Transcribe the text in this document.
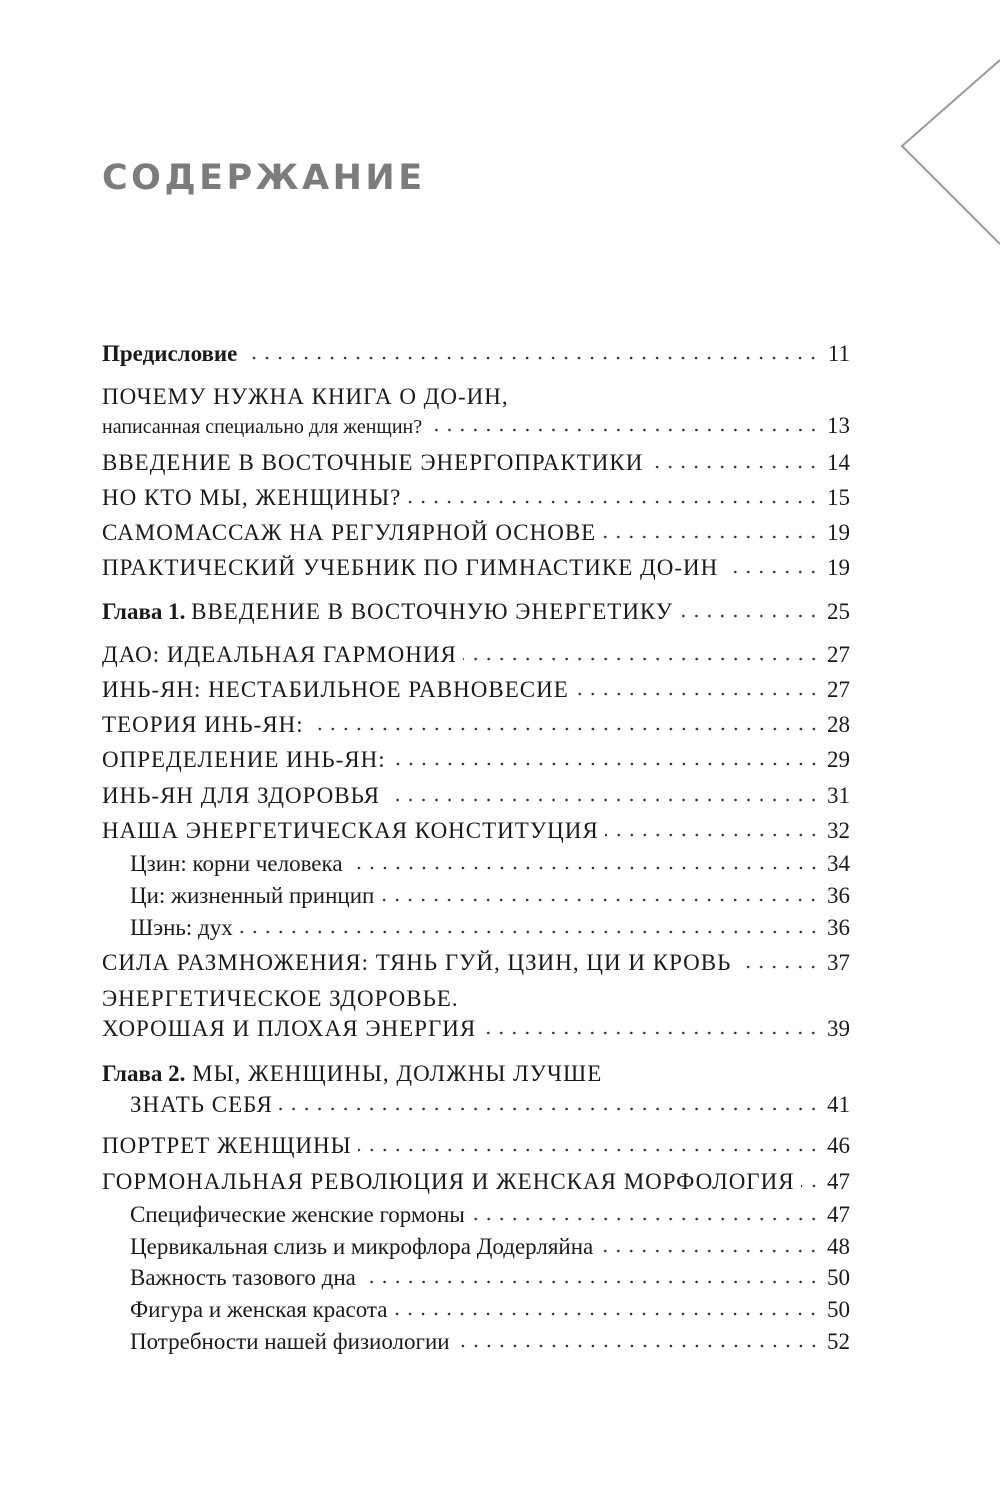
СОДЕРЖАНИЕ
Предисловие	11
ПОЧЕМУ НУЖНА КНИГА О ДО-ИН,
написанная специально для женщин?	13
ВВЕДЕНИЕ В ВОСТОЧНЫЕ ЭНЕРГОПРАКТИКИ	14
НО КТО МЫ, ЖЕНЩИНЫ?	15
САМОМАССАЖ НА РЕГУЛЯРНОЙ ОСНОВЕ	19
ПРАКТИЧЕСКИЙ УЧЕБНИК ПО ГИМНАСТИКЕ ДО-ИН	19
Глава 1. ВВЕДЕНИЕ В ВОСТОЧНУЮ ЭНЕРГЕТИКУ	25
ДАО: ИДЕАЛЬНАЯ ГАРМОНИЯ	27
ИНЬ-ЯН: НЕСТАБИЛЬНОЕ РАВНОВЕСИЕ	27
ТЕОРИЯ ИНЬ-ЯН:	28
ОПРЕДЕЛЕНИЕ ИНЬ-ЯН:	29
ИНЬ-ЯН ДЛЯ ЗДОРОВЬЯ	31
НАША ЭНЕРГЕТИЧЕСКАЯ КОНСТИТУЦИЯ	32
Цзин: корни человека	34
Ци: жизненный принцип	36
Шэнь: дух	36
СИЛА РАЗМНОЖЕНИЯ: ТЯНЬ ГУЙ, ЦЗИН, ЦИ И КРОВЬ	37
ЭНЕРГЕТИЧЕСКОЕ ЗДОРОВЬЕ.
ХОРОШАЯ И ПЛОХАЯ ЭНЕРГИЯ	39
Глава 2. МЫ, ЖЕНЩИНЫ, ДОЛЖНЫ ЛУЧШЕ
ЗНАТЬ СЕБЯ	41
ПОРТРЕТ ЖЕНЩИНЫ	46
ГОРМОНАЛЬНАЯ РЕВОЛЮЦИЯ И ЖЕНСКАЯ МОРФОЛОГИЯ 47
Специфические женские гормоны	47
Цервикальная слизь и микрофлора Додерляйна	48
Важность тазового дна	50
Фигура и женская красота	50
Потребности нашей физиологии	52
